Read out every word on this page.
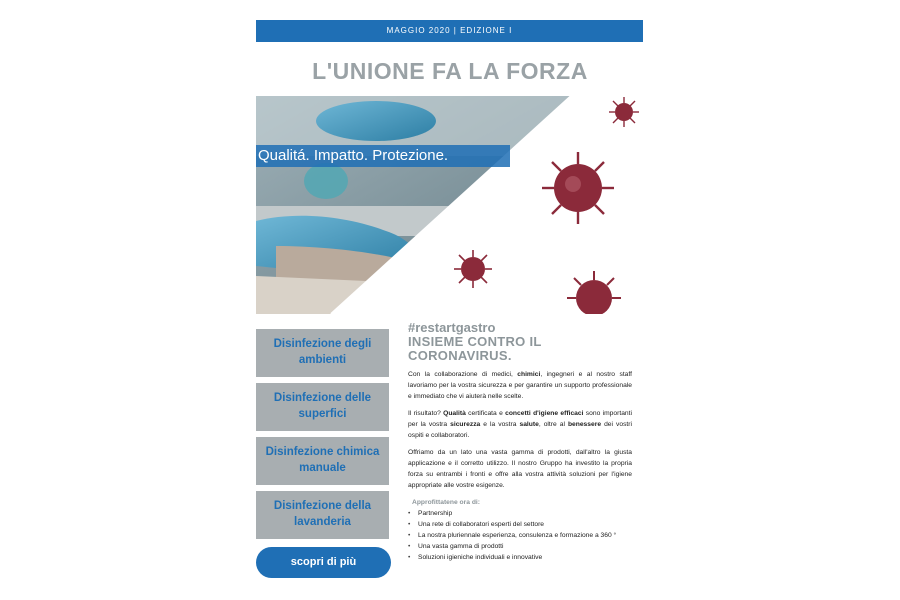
MAGGIO 2020 | EDIZIONE I
L'UNIONE FA LA FORZA
Qualitá. Impatto. Protezione.
Disinfezione degli ambienti
Disinfezione delle superfici
Disinfezione chimica manuale
Disinfezione della lavanderia
scopri di più

#restartgastro

INSIEME CONTRO IL

CORONAVIRUS.

Con la collaborazione di medici, chimici, ingegneri e al nostro staff lavoriamo per la vostra sicurezza e per garantire un supporto professionale e immediato che vi aiuterà nelle scelte.

Il risultato? Qualità certificata e concetti d'igiene efficaci sono importanti per la vostra sicurezza e la vostra salute, oltre al benessere dei vostri ospiti e collaboratori.

Offriamo da un lato una vasta gamma di prodotti, dall'altro la giusta applicazione e il corretto utilizzo. Il nostro Gruppo ha investito la propria forza su entrambi i fronti e offre alla vostra attività soluzioni per l'igiene appropriate alle vostre esigenze.

Approfittatene ora di:
• Partnership
• Una rete di collaboratori esperti del settore
• La nostra pluriennale esperienza, consulenza e formazione a 360 °
• Una vasta gamma di prodotti
• Soluzioni igieniche individuali e innovative
